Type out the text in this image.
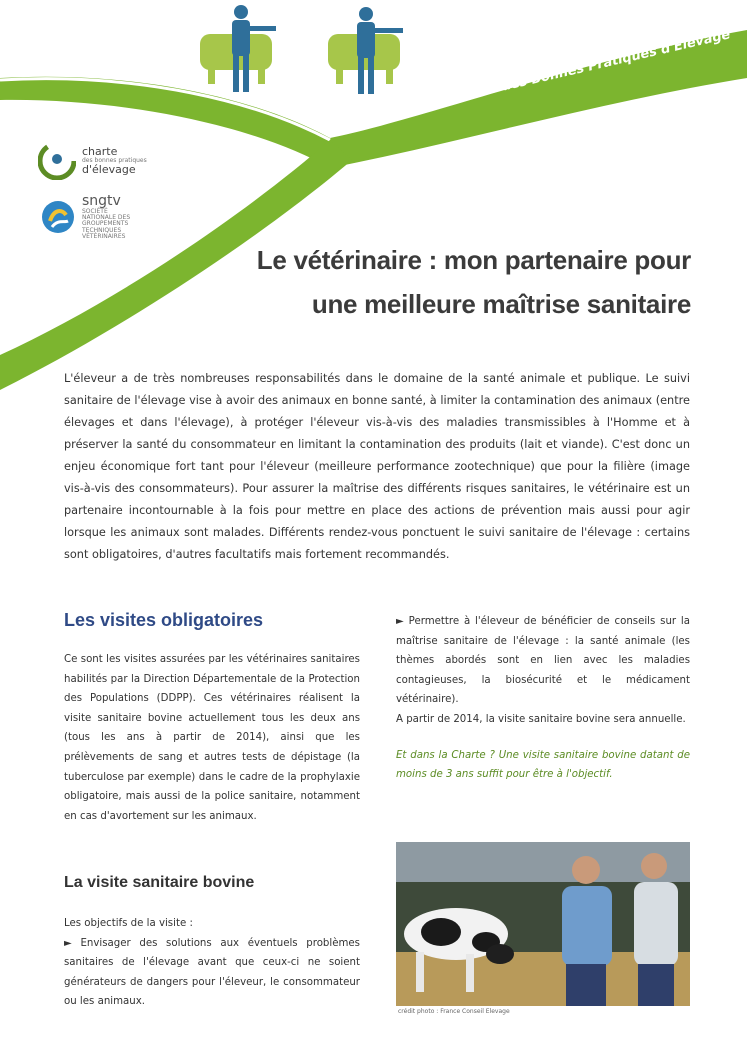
Charte des Bonnes Pratiques d'Elevage
charte
des bonnes pratiques
d'élevage
sngtv
SOCIÉTÉ NATIONALE DES GROUPEMENTS TECHNIQUES VÉTÉRINAIRES
Le vétérinaire : mon partenaire pour
une meilleure maîtrise sanitaire
L'éleveur a de très nombreuses responsabilités dans le domaine de la santé animale et publique. Le suivi sanitaire de l'élevage vise à avoir des animaux en bonne santé, à limiter la contamination des animaux (entre élevages et dans l'élevage), à protéger l'éleveur vis-à-vis des maladies transmissibles à l'Homme et à préserver la santé du consommateur en limitant la contamination des produits (lait et viande). C'est donc un enjeu économique fort tant pour l'éleveur (meilleure performance zootechnique) que pour la filière (image vis-à-vis des consommateurs). Pour assurer la maîtrise des différents risques sanitaires, le vétérinaire est un partenaire incontournable à la fois pour mettre en place des actions de prévention mais aussi pour agir lorsque les animaux sont malades. Différents rendez-vous ponctuent le suivi sanitaire de l'élevage : certains sont obligatoires, d'autres facultatifs mais fortement recommandés.
Les visites obligatoires

Ce sont les visites assurées par les vétérinaires sanitaires habilités par la Direction Départementale de la Protection des Populations (DDPP). Ces vétérinaires réalisent la visite sanitaire bovine actuellement tous les deux ans (tous les ans à partir de 2014), ainsi que les prélèvements de sang et autres tests de dépistage (la tuberculose par exemple) dans le cadre de la prophylaxie obligatoire, mais aussi de la police sanitaire, notamment en cas d'avortement sur les animaux.

La visite sanitaire bovine

Les objectifs de la visite :

► Envisager des solutions aux éventuels problèmes sanitaires de l'élevage avant que ceux-ci ne soient générateurs de dangers pour l'éleveur, le consommateur ou les animaux.

► Permettre à l'éleveur de bénéficier de conseils sur la maîtrise sanitaire de l'élevage : la santé animale (les thèmes abordés sont en lien avec les maladies contagieuses, la biosécurité et le médicament vétérinaire).

A partir de 2014, la visite sanitaire bovine sera annuelle.

Et dans la Charte ? Une visite sanitaire bovine datant de moins de 3 ans suffit pour être à l'objectif.

crédit photo : France Conseil Elevage
